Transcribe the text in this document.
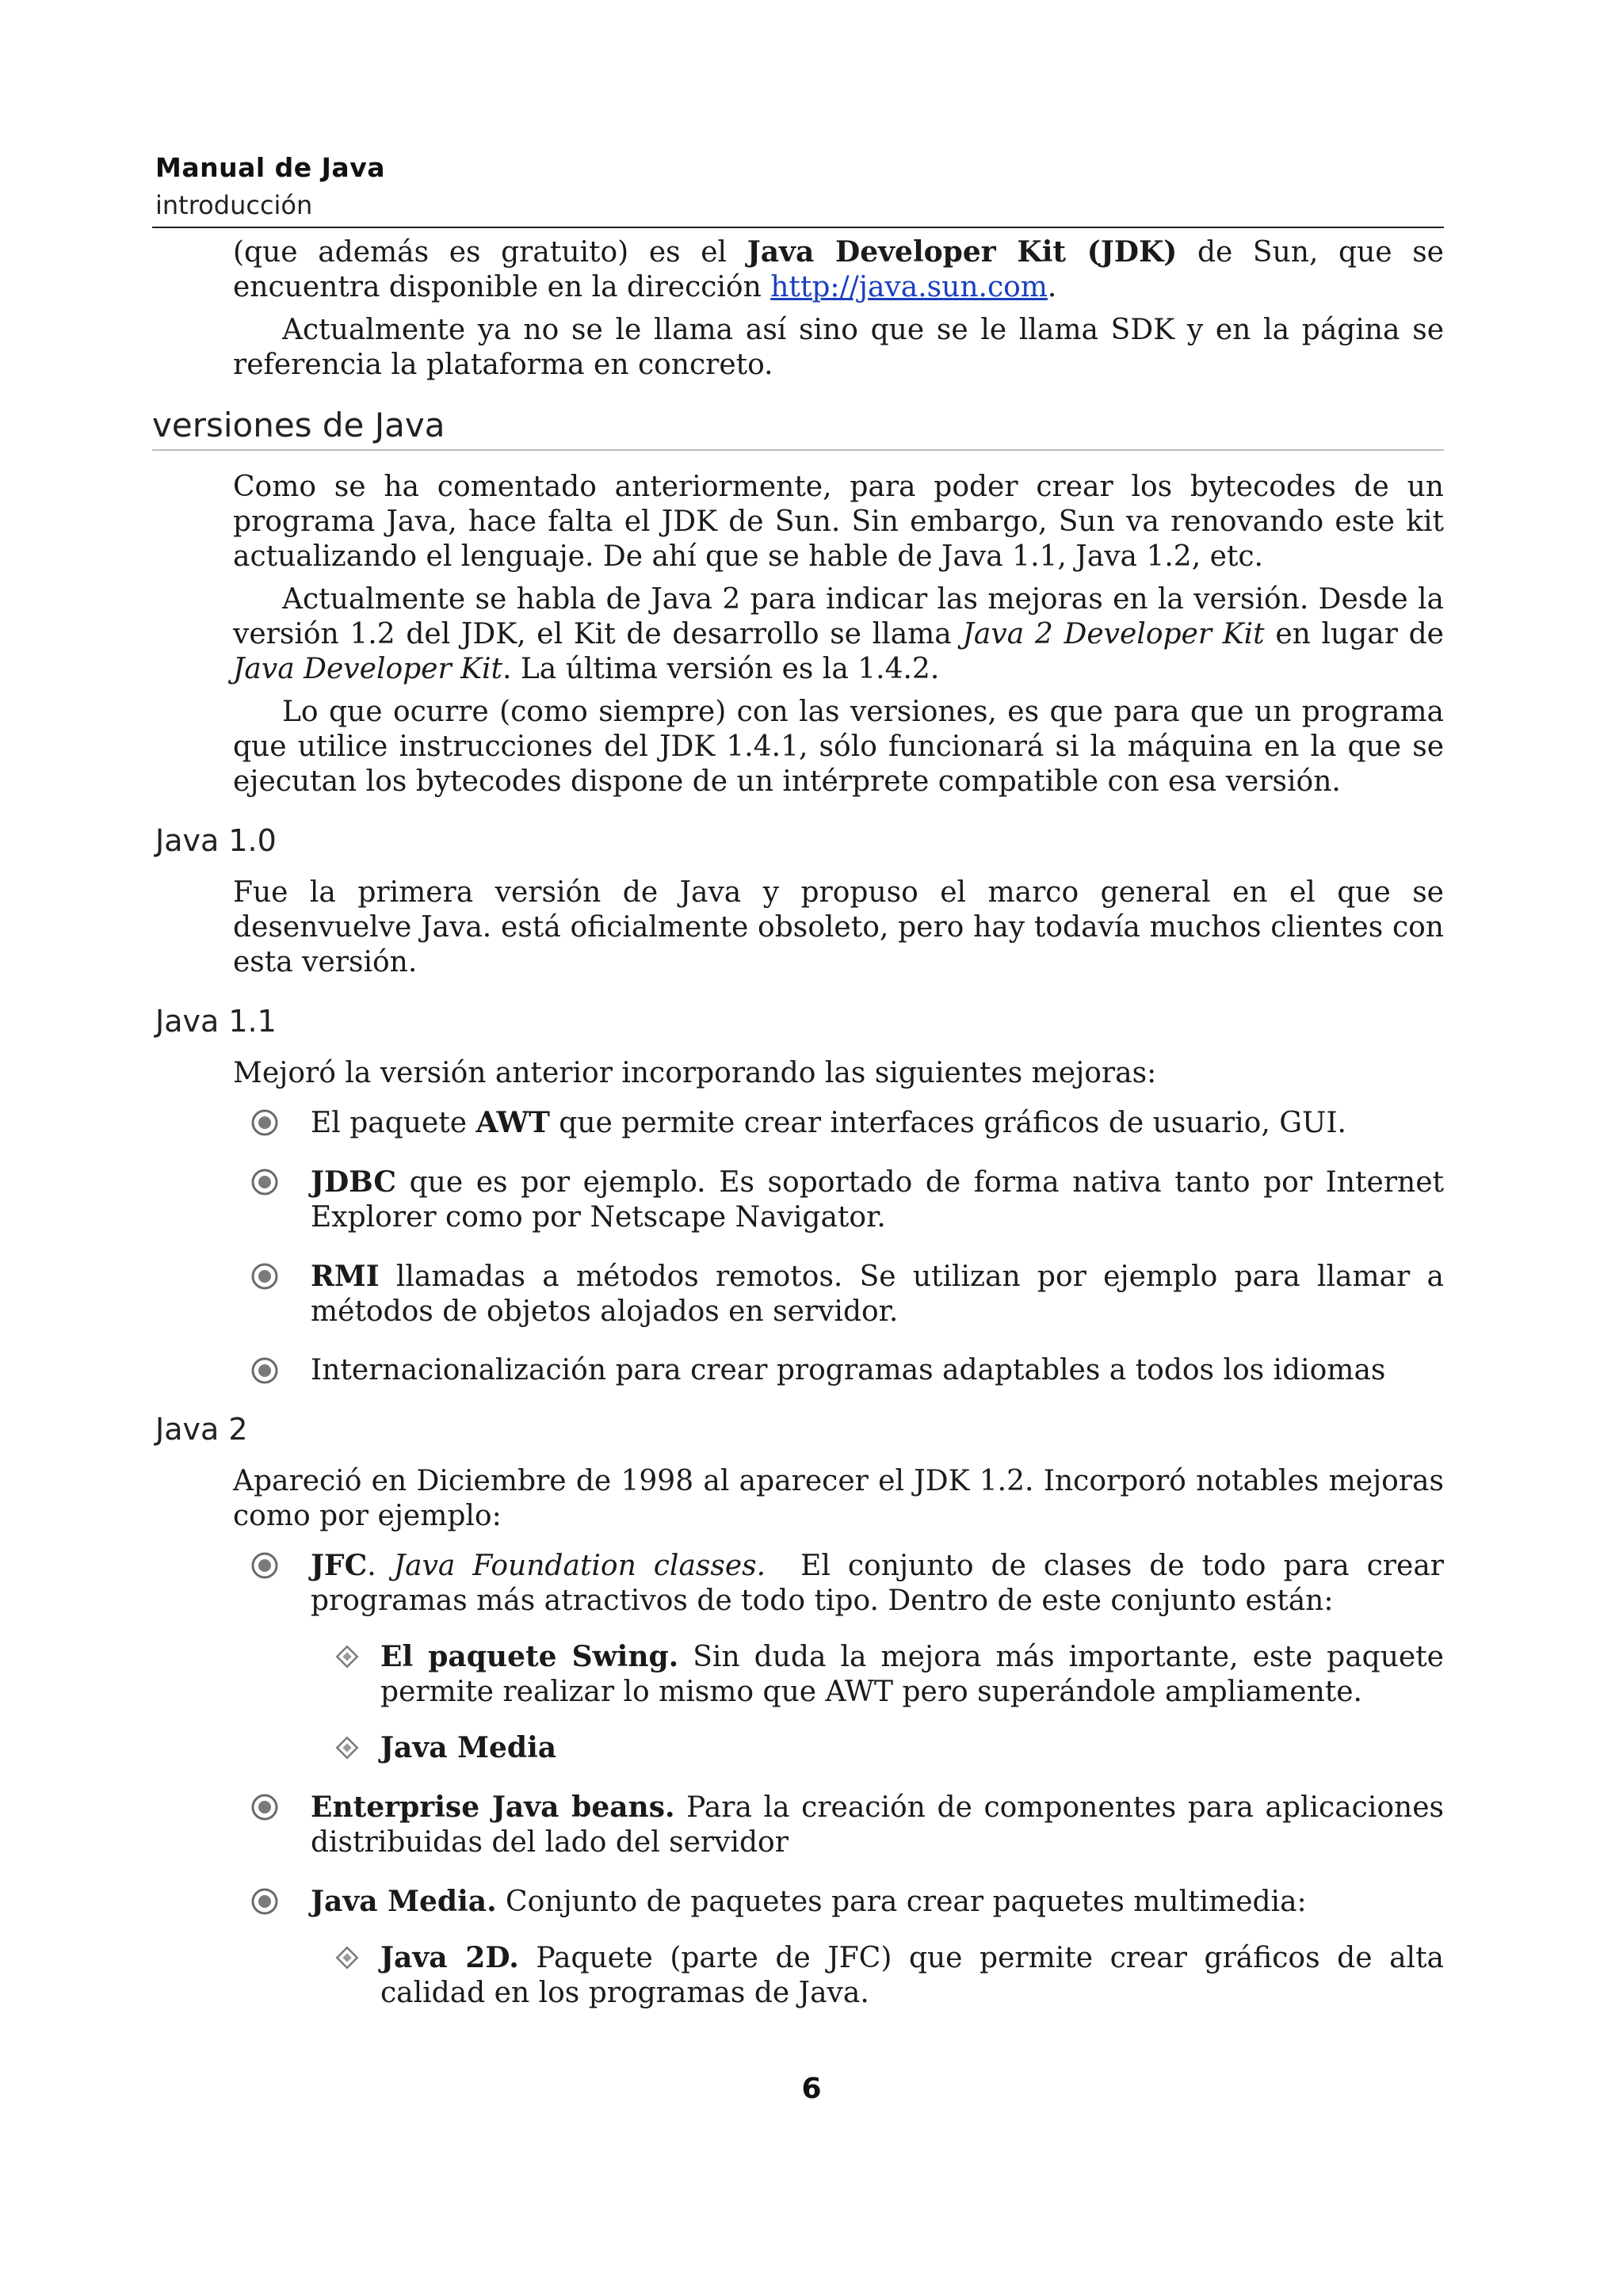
Manual de Java
introducción

(que además es gratuito) es el Java Developer Kit (JDK) de Sun, que se encuentra disponible en la dirección http://java.sun.com.

Actualmente ya no se le llama así sino que se le llama SDK y en la página se referencia la plataforma en concreto.

versiones de Java

Como se ha comentado anteriormente, para poder crear los bytecodes de un programa Java, hace falta el JDK de Sun. Sin embargo, Sun va renovando este kit actualizando el lenguaje. De ahí que se hable de Java 1.1, Java 1.2, etc.

Actualmente se habla de Java 2 para indicar las mejoras en la versión. Desde la versión 1.2 del JDK, el Kit de desarrollo se llama Java 2 Developer Kit en lugar de Java Developer Kit. La última versión es la 1.4.2.

Lo que ocurre (como siempre) con las versiones, es que para que un programa que utilice instrucciones del JDK 1.4.1, sólo funcionará si la máquina en la que se ejecutan los bytecodes dispone de un intérprete compatible con esa versión.

Java 1.0

Fue la primera versión de Java y propuso el marco general en el que se desenvuelve Java. está oficialmente obsoleto, pero hay todavía muchos clientes con esta versión.

Java 1.1

Mejoró la versión anterior incorporando las siguientes mejoras:

El paquete AWT que permite crear interfaces gráficos de usuario, GUI.
JDBC que es por ejemplo. Es soportado de forma nativa tanto por Internet Explorer como por Netscape Navigator.
RMI llamadas a métodos remotos. Se utilizan por ejemplo para llamar a métodos de objetos alojados en servidor.
Internacionalización para crear programas adaptables a todos los idiomas
Java 2

Apareció en Diciembre de 1998 al aparecer el JDK 1.2. Incorporó notables mejoras como por ejemplo:

JFC. Java Foundation classes.  El conjunto de clases de todo para crear programas más atractivos de todo tipo. Dentro de este conjunto están:
El paquete Swing. Sin duda la mejora más importante, este paquete permite realizar lo mismo que AWT pero superándole ampliamente.
Java Media
Enterprise Java beans. Para la creación de componentes para aplicaciones distribuidas del lado del servidor
Java Media. Conjunto de paquetes para crear paquetes multimedia:
Java 2D. Paquete (parte de JFC) que permite crear gráficos de alta calidad en los programas de Java.
6
